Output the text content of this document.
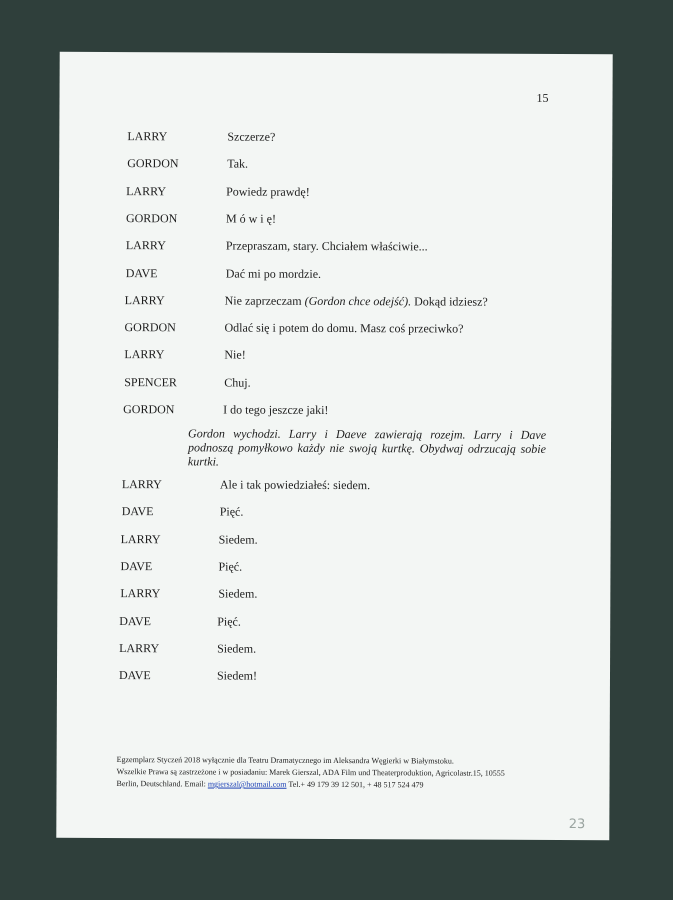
15
LARRY	Szczerze?
GORDON	Tak.
LARRY	Powiedz prawdę!
GORDON	M ó w i ę!
LARRY	Przepraszam, stary. Chciałem właściwie...
DAVE	Dać mi po mordzie.
LARRY	Nie zaprzeczam (Gordon chce odejść). Dokąd idziesz?
GORDON	Odlać się i potem do domu. Masz coś przeciwko?
LARRY	Nie!
SPENCER	Chuj.
GORDON	I do tego jeszcze jaki!
Gordon wychodzi. Larry i Daeve zawierają rozejm. Larry i Dave podnoszą pomyłkowo każdy nie swoją kurtkę. Obydwaj odrzucają sobie kurtki.
LARRY	Ale i tak powiedziałeś: siedem.
DAVE	Pięć.
LARRY	Siedem.
DAVE	Pięć.
LARRY	Siedem.
DAVE	Pięć.
LARRY	Siedem.
DAVE	Siedem!
Egzemplarz Styczeń 2018 wyłącznie dla Teatru Dramatycznego im Aleksandra Węgierki w Białymstoku.
Wszelkie Prawa są zastrzeżone i w posiadaniu: Marek Gierszal, ADA Film und Theaterproduktion, Agricolastr.15, 10555
Berlin, Deutschland. Email: mgierszal@hotmail.com Tel.+ 49 179 39 12 501, + 48 517 524 479
23
